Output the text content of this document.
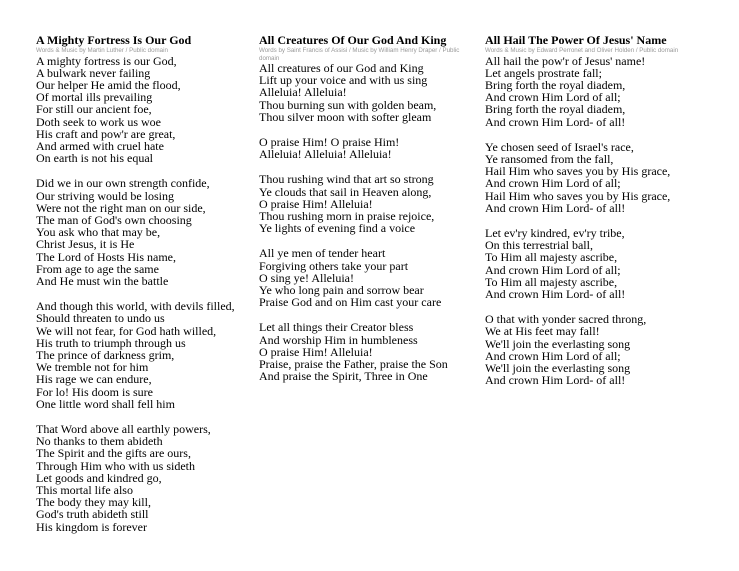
A Mighty Fortress Is Our God
Words & Music by Martin Luther / Public domain
A mighty fortress is our God,
A bulwark never failing
Our helper He amid the flood,
Of mortal ills prevailing
For still our ancient foe,
Doth seek to work us woe
His craft and pow'r are great,
And armed with cruel hate
On earth is not his equal
Did we in our own strength confide,
Our striving would be losing
Were not the right man on our side,
The man of God's own choosing
You ask who that may be,
Christ Jesus, it is He
The Lord of Hosts His name,
From age to age the same
And He must win the battle
And though this world, with devils filled,
Should threaten to undo us
We will not fear, for God hath willed,
His truth to triumph through us
The prince of darkness grim,
We tremble not for him
His rage we can endure,
For lo! His doom is sure
One little word shall fell him
That Word above all earthly powers,
No thanks to them abideth
The Spirit and the gifts are ours,
Through Him who with us sideth
Let goods and kindred go,
This mortal life also
The body they may kill,
God's truth abideth still
His kingdom is forever
All Creatures Of Our God And King
Words by Saint Francis of Assisi / Music by William Henry Draper / Public domain
All creatures of our God and King
Lift up your voice and with us sing
Alleluia! Alleluia!
Thou burning sun with golden beam,
Thou silver moon with softer gleam
O praise Him! O praise Him!
Alleluia! Alleluia! Alleluia!
Thou rushing wind that art so strong
Ye clouds that sail in Heaven along,
O praise Him! Alleluia!
Thou rushing morn in praise rejoice,
Ye lights of evening find a voice
All ye men of tender heart
Forgiving others take your part
O sing ye! Alleluia!
Ye who long pain and sorrow bear
Praise God and on Him cast your care
Let all things their Creator bless
And worship Him in humbleness
O praise Him! Alleluia!
Praise, praise the Father, praise the Son
And praise the Spirit, Three in One
All Hail The Power Of Jesus' Name
Words & Music by Edward Perronet and Oliver Holden / Public domain
All hail the pow'r of Jesus' name!
Let angels prostrate fall;
Bring forth the royal diadem,
And crown Him Lord of all;
Bring forth the royal diadem,
And crown Him Lord- of all!
Ye chosen seed of Israel's race,
Ye ransomed from the fall,
Hail Him who saves you by His grace,
And crown Him Lord of all;
Hail Him who saves you by His grace,
And crown Him Lord- of all!
Let ev'ry kindred, ev'ry tribe,
On this terrestrial ball,
To Him all majesty ascribe,
And crown Him Lord of all;
To Him all majesty ascribe,
And crown Him Lord- of all!
O that with yonder sacred throng,
We at His feet may fall!
We'll join the everlasting song
And crown Him Lord of all;
We'll join the everlasting song
And crown Him Lord- of all!
